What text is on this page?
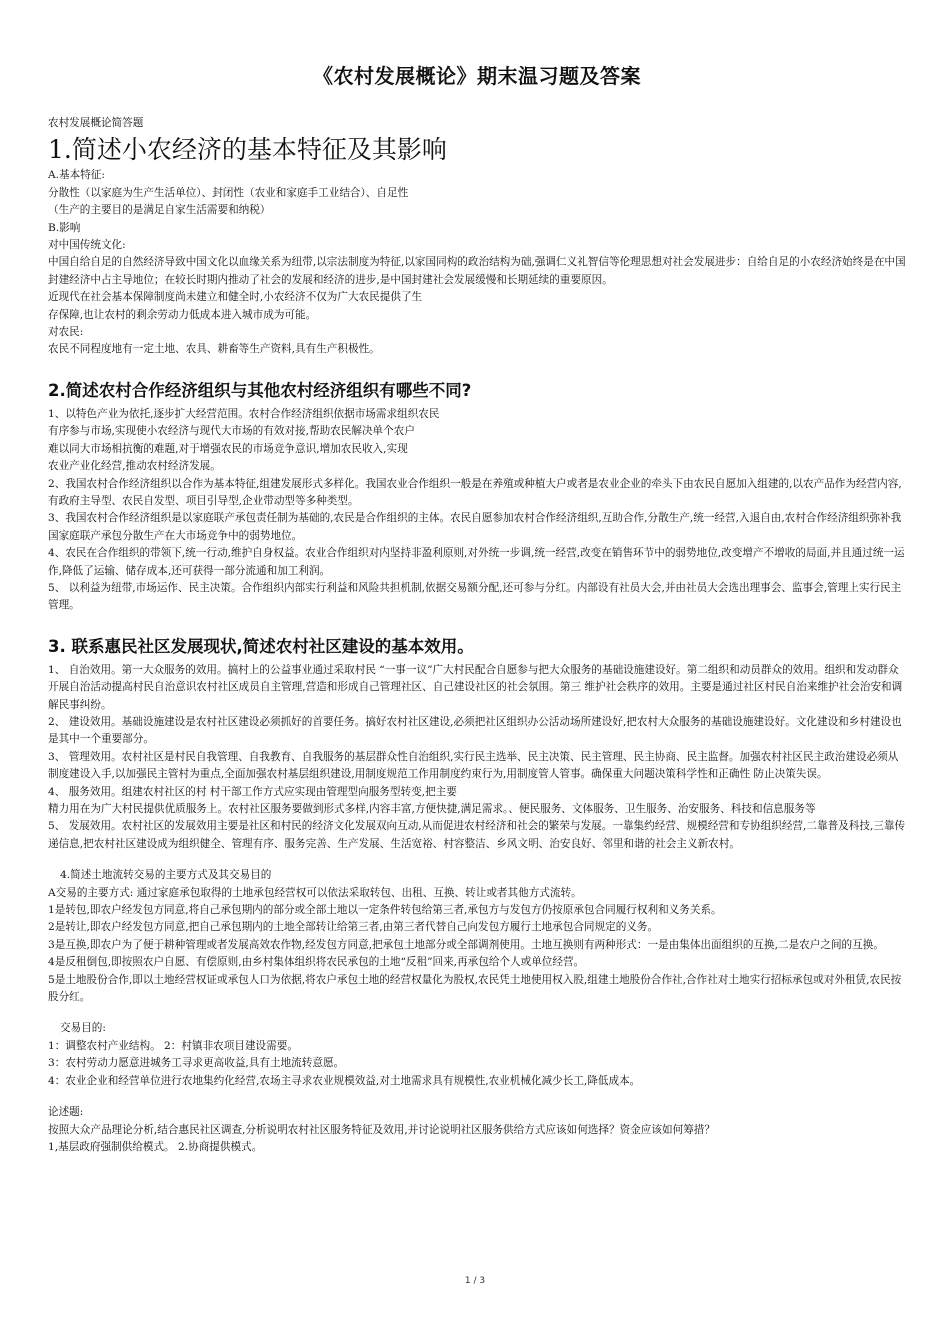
《农村发展概论》期末温习题及答案
农村发展概论简答题
1.简述小农经济的基本特征及其影响

A.基本特征:

分散性（以家庭为生产生活单位）、封闭性（农业和家庭手工业结合）、自足性

（生产的主要目的是满足自家生活需要和纳税）

B.影响

对中国传统文化:

中国自给自足的自然经济导致中国文化以血缘关系为纽带,以宗法制度为特征,以家国同构的政治结构为础,强调仁义礼智信等伦理思想对社会发展进步：自给自足的小农经济始终是在中国封建经济中占主导地位；在较长时期内推动了社会的发展和经济的进步,是中国封建社会发展缓慢和长期延续的重要原因。

近现代在社会基本保障制度尚未建立和健全时,小农经济不仅为广大农民提供了生

存保障,也让农村的剩余劳动力低成本进入城市成为可能。

对农民:

农民不同程度地有一定土地、农具、耕畜等生产资料,具有生产积极性。

2.简述农村合作经济组织与其他农村经济组织有哪些不同?

1、以特色产业为依托,逐步扩大经营范围。农村合作经济组织依据市场需求组织农民

有序参与市场,实现使小农经济与现代大市场的有效对接,帮助农民解决单个农户

难以同大市场相抗衡的难题,对于增强农民的市场竞争意识,增加农民收入,实现

农业产业化经营,推动农村经济发展。

2、我国农村合作经济组织以合作为基本特征,组建发展形式多样化。我国农业合作组织一般是在养殖或种植大户或者是农业企业的牵头下由农民自愿加入组建的,以农产品作为经营内容,有政府主导型、农民自发型、项目引导型,企业带动型等多种类型。

3、我国农村合作经济组织是以家庭联产承包责任制为基础的,农民是合作组织的主体。农民自愿参加农村合作经济组织,互助合作,分散生产,统一经营,入退自由,农村合作经济组织弥补我国家庭联产承包分散生产在大市场竞争中的弱势地位。

4、农民在合作组织的带领下,统一行动,维护自身权益。农业合作组织对内坚持非盈利原则,对外统一步调,统一经营,改变在销售环节中的弱势地位,改变增产不增收的局面,并且通过统一运作,降低了运输、储存成本,还可获得一部分流通和加工利润。

5、 以利益为纽带,市场运作、民主决策。合作组织内部实行利益和风险共担机制,依据交易额分配,还可参与分红。内部设有社员大会,并由社员大会选出理事会、监事会,管理上实行民主管理。

3. 联系惠民社区发展现状,简述农村社区建设的基本效用。

1、 自治效用。第一大众服务的效用。搞村上的公益事业通过采取村民 “一事一议”广大村民配合自愿参与把大众服务的基础设施建设好。第二组织和动员群众的效用。组织和发动群众开展自治活动提高村民自治意识农村社区成员自主管理,营造和形成自己管理社区、自己建设社区的社会氛围。第三 维护社会秩序的效用。主要是通过社区村民自治来维护社会治安和调解民事纠纷。

2、 建设效用。基础设施建设是农村社区建设必须抓好的首要任务。搞好农村社区建设,必须把社区组织办公活动场所建设好,把农村大众服务的基础设施建设好。文化建设和乡村建设也是其中一个重要部分。

3、 管理效用。农村社区是村民自我管理、自我教育、自我服务的基层群众性自治组织,实行民主选举、民主决策、民主管理、民主协商、民主监督。加强农村社区民主政治建设必须从制度建设入手,以加强民主管村为重点,全面加强农村基层组织建设,用制度规范工作用制度约束行为,用制度管人管事。确保重大问题决策科学性和正确性 防止决策失误。

4、 服务效用。组建农村社区的村 村干部工作方式应实现由管理型向服务型转变,把主要

精力用在为广大村民提供优质服务上。农村社区服务要做到形式多样,内容丰富,方便快捷,满足需求。、便民服务、文体服务、卫生服务、治安服务、科技和信息服务等

5、 发展效用。农村社区的发展效用主要是社区和村民的经济文化发展双向互动,从而促进农村经济和社会的繁荣与发展。一靠集约经营、规模经营和专协组织经营,二靠普及科技,三靠传递信息,把农村社区建设成为组织健全、管理有序、服务完善、生产发展、生活宽裕、村容整洁、乡风文明、治安良好、邻里和谐的社会主义新农村。

4.简述土地流转交易的主要方式及其交易目的

A交易的主要方式: 通过家庭承包取得的土地承包经营权可以依法采取转包、出租、互换、转让或者其他方式流转。

1是转包,即农户经发包方同意,将自己承包期内的部分或全部土地以一定条件转包给第三者,承包方与发包方仍按原承包合同履行权利和义务关系。

2是转让,即农户经发包方同意,把自己承包期内的土地全部转让给第三者,由第三者代替自己向发包方履行土地承包合同规定的义务。

3是互换,即农户为了便于耕种管理或者发展高效农作物,经发包方同意,把承包土地部分或全部调剂使用。土地互换则有两种形式：一是由集体出面组织的互换,二是农户之间的互换。

4是反租倒包,即按照农户自愿、有偿原则,由乡村集体组织将农民承包的土地“反租”回来,再承包给个人或单位经营。

5是土地股份合作,即以土地经营权证或承包人口为依据,将农户承包土地的经营权量化为股权,农民凭土地使用权入股,组建土地股份合作社,合作社对土地实行招标承包或对外租赁,农民按股分红。

交易目的:

1：调整农村产业结构。 2：村镇非农项目建设需要。

3：农村劳动力愿意进城务工寻求更高收益,具有土地流转意愿。

4：农业企业和经营单位进行农地集约化经营,农场主寻求农业规模效益,对土地需求具有规模性,农业机械化减少长工,降低成本。

论述题:

按照大众产品理论分析,结合惠民社区调查,分析说明农村社区服务特征及效用,并讨论说明社区服务供给方式应该如何选择？资金应该如何筹措？

1,基层政府强制供给模式。 2.协商提供模式。

1 / 3
